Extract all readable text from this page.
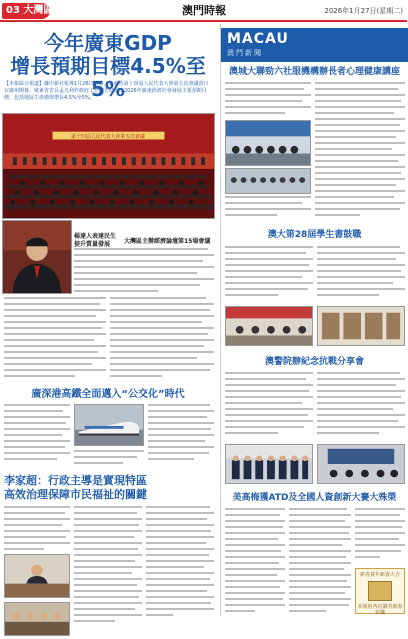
03 大灣區	澳門時報	2026年1月27日(星期二)
今年廣東GDP
增長預期目標4.5%至5%
【本報綜合報道】據中新社報導1月26日消息，廣東省第十四屆人民代表大會第五次會議當日在廣州開幕。廣東省省長孟凡利作政府工作報告時提出2026年廣東經濟社會發展主要預期目標，包括地區生產總值增長4.5%至5%。
第十四屆人民代表大會第五次會議
楊達人表達民生
提升質量發展	大灣區主辦經濟論壇第15場會議
廣深港高鐵全面邁入“公交化”時代
李家超：行政主導是實現特區
高效治理保障市民福祉的關鍵
MACAU
澳門新聞
澳城大聯勁六社服機構辦長者心理健康講座
澳大第28屆學生書鼓職
澳警院辦紀念抗戰分享會
美高梅獲ATD及全國人資創新大賽大殊榮
新春賀年新春大吉
本報祝各位讀者新春快樂
